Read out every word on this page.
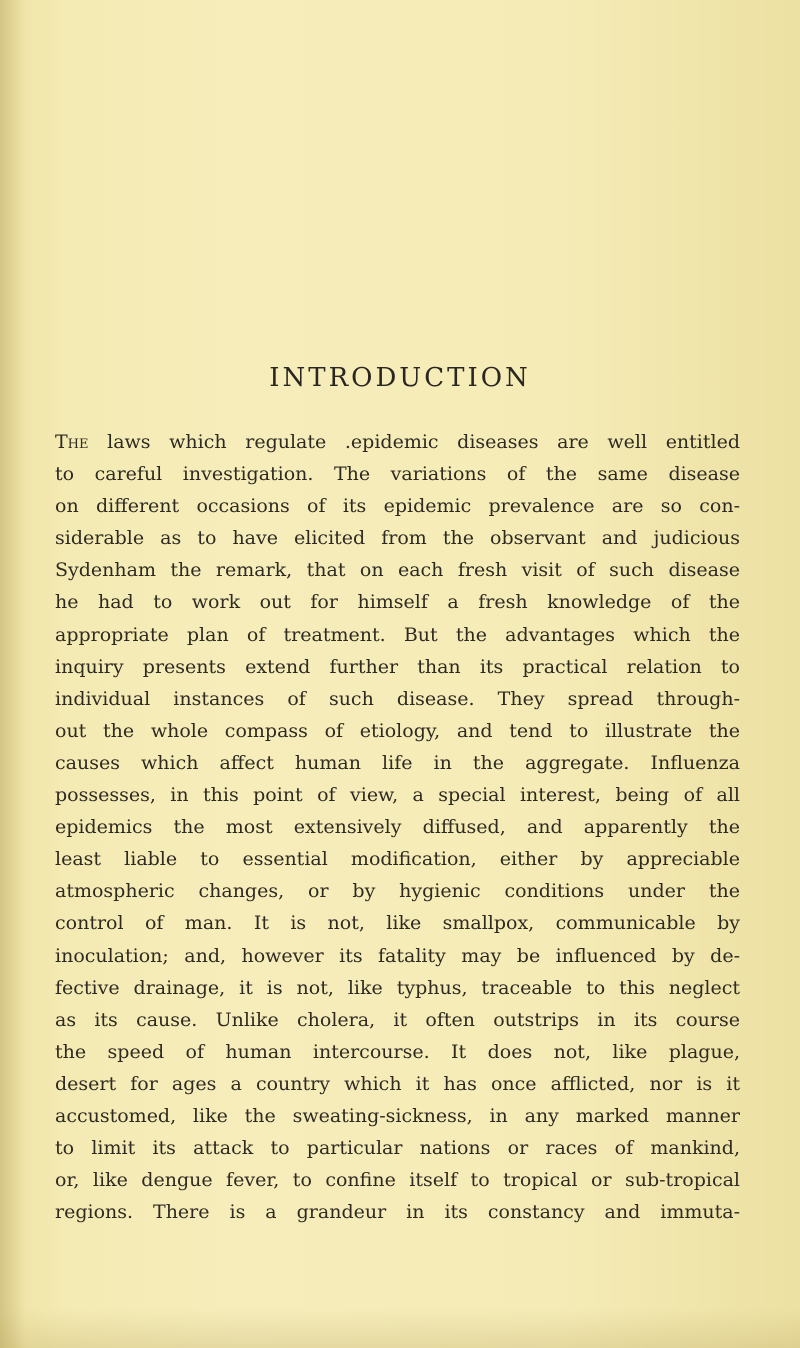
INTRODUCTION
The laws which regulate .epidemic diseases are well entitled
to careful investigation. The variations of the same disease
on different occasions of its epidemic prevalence are so con-
siderable as to have elicited from the observant and judicious
Sydenham the remark, that on each fresh visit of such disease
he had to work out for himself a fresh knowledge of the
appropriate plan of treatment. But the advantages which the
inquiry presents extend further than its practical relation to
individual instances of such disease. They spread through-
out the whole compass of etiology, and tend to illustrate the
causes which affect human life in the aggregate. Influenza
possesses, in this point of view, a special interest, being of all
epidemics the most extensively diffused, and apparently the
least liable to essential modification, either by appreciable
atmospheric changes, or by hygienic conditions under the
control of man. It is not, like smallpox, communicable by
inoculation; and, however its fatality may be influenced by de-
fective drainage, it is not, like typhus, traceable to this neglect
as its cause. Unlike cholera, it often outstrips in its course
the speed of human intercourse. It does not, like plague,
desert for ages a country which it has once afflicted, nor is it
accustomed, like the sweating-sickness, in any marked manner
to limit its attack to particular nations or races of mankind,
or, like dengue fever, to confine itself to tropical or sub-tropical
regions. There is a grandeur in its constancy and immuta-
